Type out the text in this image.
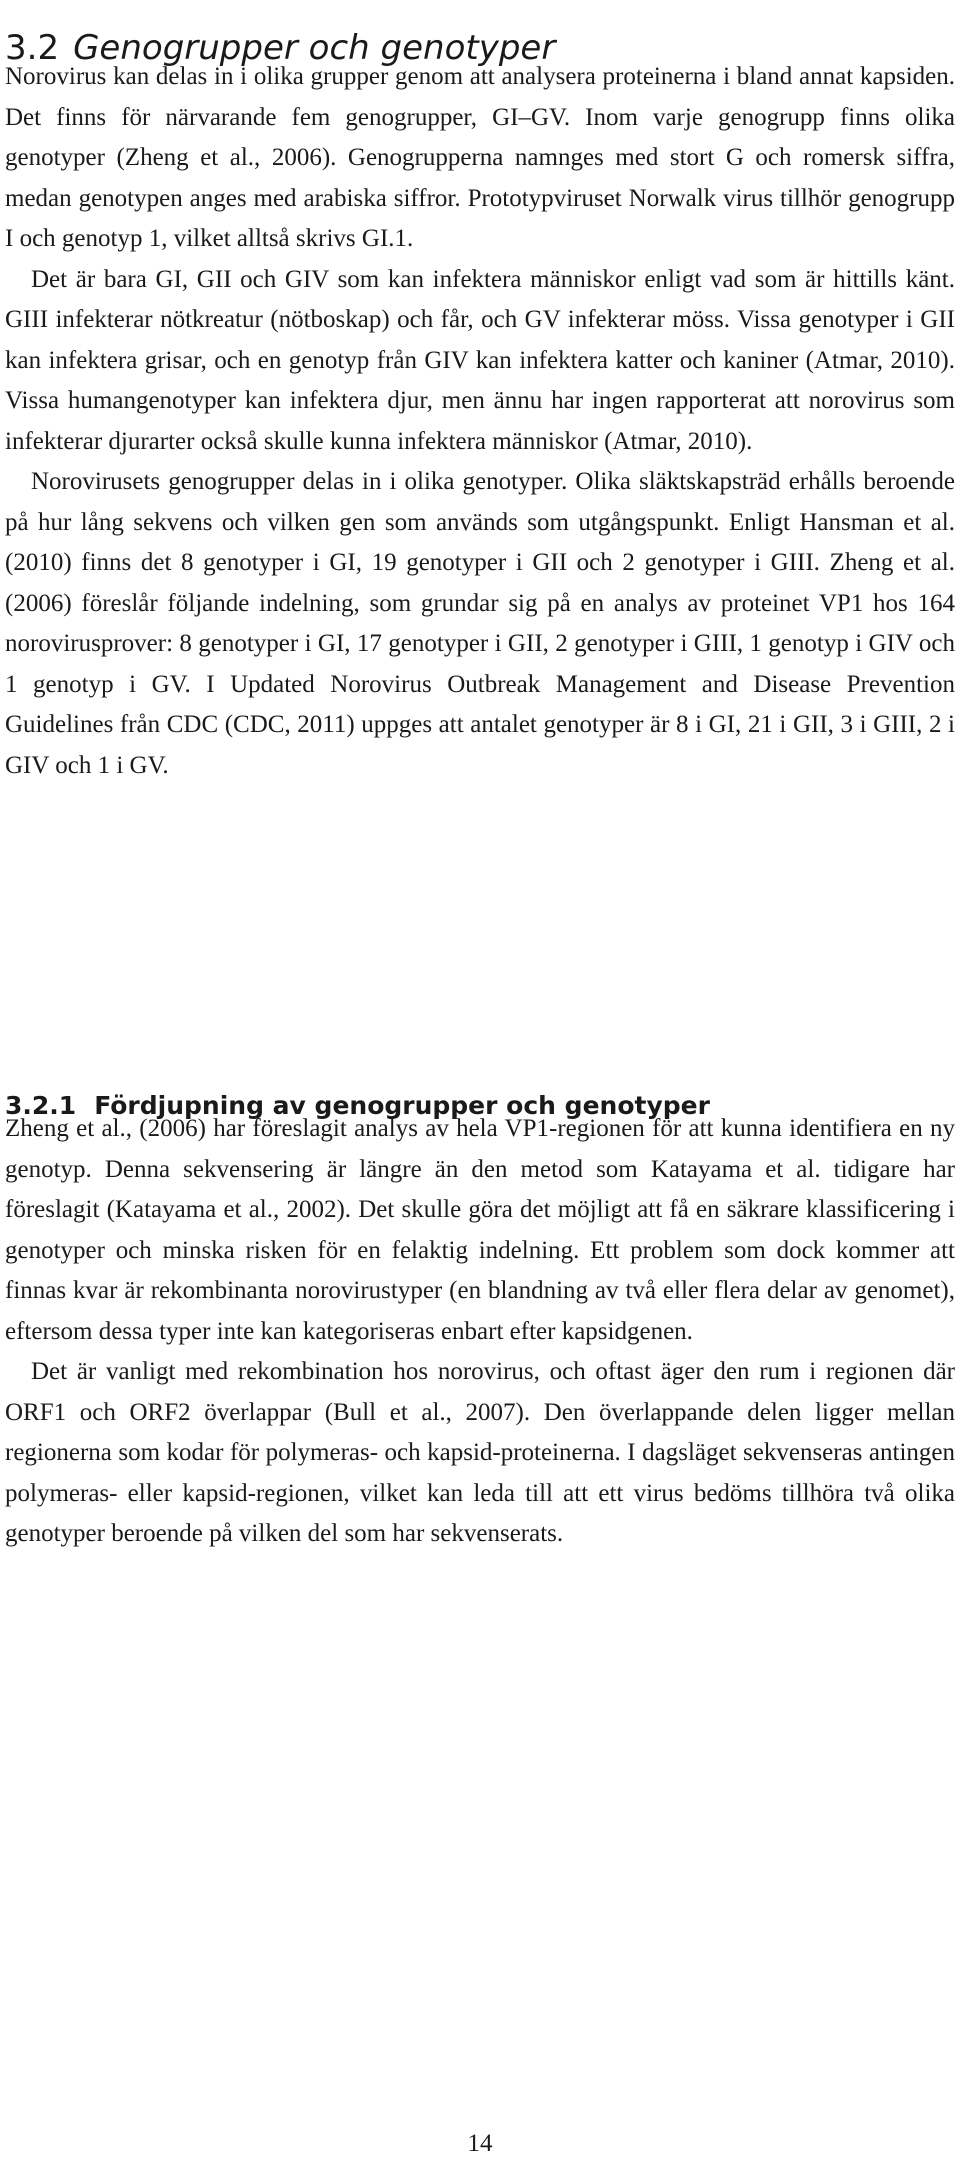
3.2 Genogrupper och genotyper

Norovirus kan delas in i olika grupper genom att analysera proteinerna i bland annat kapsiden. Det finns för närvarande fem genogrupper, GI–GV. Inom varje genogrupp finns olika genotyper (Zheng et al., 2006). Genogrupperna namnges med stort G och romersk siffra, medan genotypen anges med arabiska siffror. Prototypviruset Norwalk virus tillhör genogrupp I och genotyp 1, vilket alltså skrivs GI.1.

Det är bara GI, GII och GIV som kan infektera människor enligt vad som är hittills känt. GIII infekterar nötkreatur (nötboskap) och får, och GV infekterar möss. Vissa genotyper i GII kan infektera grisar, och en genotyp från GIV kan infektera katter och kaniner (Atmar, 2010). Vissa humangenotyper kan infektera djur, men ännu har ingen rapporterat att norovirus som infekterar djurarter också skulle kunna infektera människor (Atmar, 2010).

Norovirusets genogrupper delas in i olika genotyper. Olika släktskapsträd erhålls beroende på hur lång sekvens och vilken gen som används som utgångspunkt. Enligt Hansman et al. (2010) finns det 8 genotyper i GI, 19 genotyper i GII och 2 genotyper i GIII. Zheng et al. (2006) föreslår följande indelning, som grundar sig på en analys av proteinet VP1 hos 164 norovirusprover: 8 genotyper i GI, 17 genotyper i GII, 2 genotyper i GIII, 1 genotyp i GIV och 1 genotyp i GV. I Updated Norovirus Outbreak Management and Disease Prevention Guidelines från CDC (CDC, 2011) uppges att antalet genotyper är 8 i GI, 21 i GII, 3 i GIII, 2 i GIV och 1 i GV.

3.2.1 Fördjupning av genogrupper och genotyper

Zheng et al., (2006) har föreslagit analys av hela VP1-regionen för att kunna identifiera en ny genotyp. Denna sekvensering är längre än den metod som Katayama et al. tidigare har föreslagit (Katayama et al., 2002). Det skulle göra det möjligt att få en säkrare klassificering i genotyper och minska risken för en felaktig indelning. Ett problem som dock kommer att finnas kvar är rekombinanta norovirustyper (en blandning av två eller flera delar av genomet), eftersom dessa typer inte kan kategoriseras enbart efter kapsidgenen.

Det är vanligt med rekombination hos norovirus, och oftast äger den rum i regionen där ORF1 och ORF2 överlappar (Bull et al., 2007). Den överlappande delen ligger mellan regionerna som kodar för polymeras- och kapsid-proteinerna. I dagsläget sekvenseras antingen polymeras- eller kapsid-regionen, vilket kan leda till att ett virus bedöms tillhöra två olika genotyper beroende på vilken del som har sekvenserats.

14
